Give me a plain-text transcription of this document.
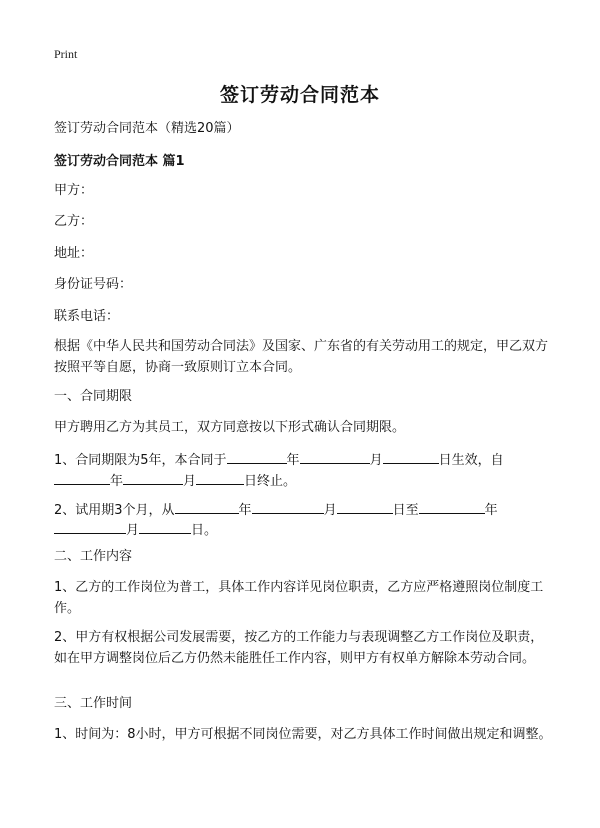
Print
签订劳动合同范本
签订劳动合同范本（精选20篇）
签订劳动合同范本 篇1
甲方：
乙方：
地址：
身份证号码：
联系电话：
根据《中华人民共和国劳动合同法》及国家、广东省的有关劳动用工的规定，甲乙双方按照平等自愿，协商一致原则订立本合同。
一、合同期限
甲方聘用乙方为其员工，双方同意按以下形式确认合同期限。
1、合同期限为5年，本合同于	年	月	日生效，自
年	月	日终止。
2、试用期3个月，从	年	月	日至	年
月	日。
二、工作内容
1、乙方的工作岗位为普工，具体工作内容详见岗位职责，乙方应严格遵照岗位制度工作。
2、甲方有权根据公司发展需要，按乙方的工作能力与表现调整乙方工作岗位及职责，如在甲方调整岗位后乙方仍然未能胜任工作内容，则甲方有权单方解除本劳动合同。
三、工作时间
1、时间为：8小时，甲方可根据不同岗位需要，对乙方具体工作时间做出规定和调整。
